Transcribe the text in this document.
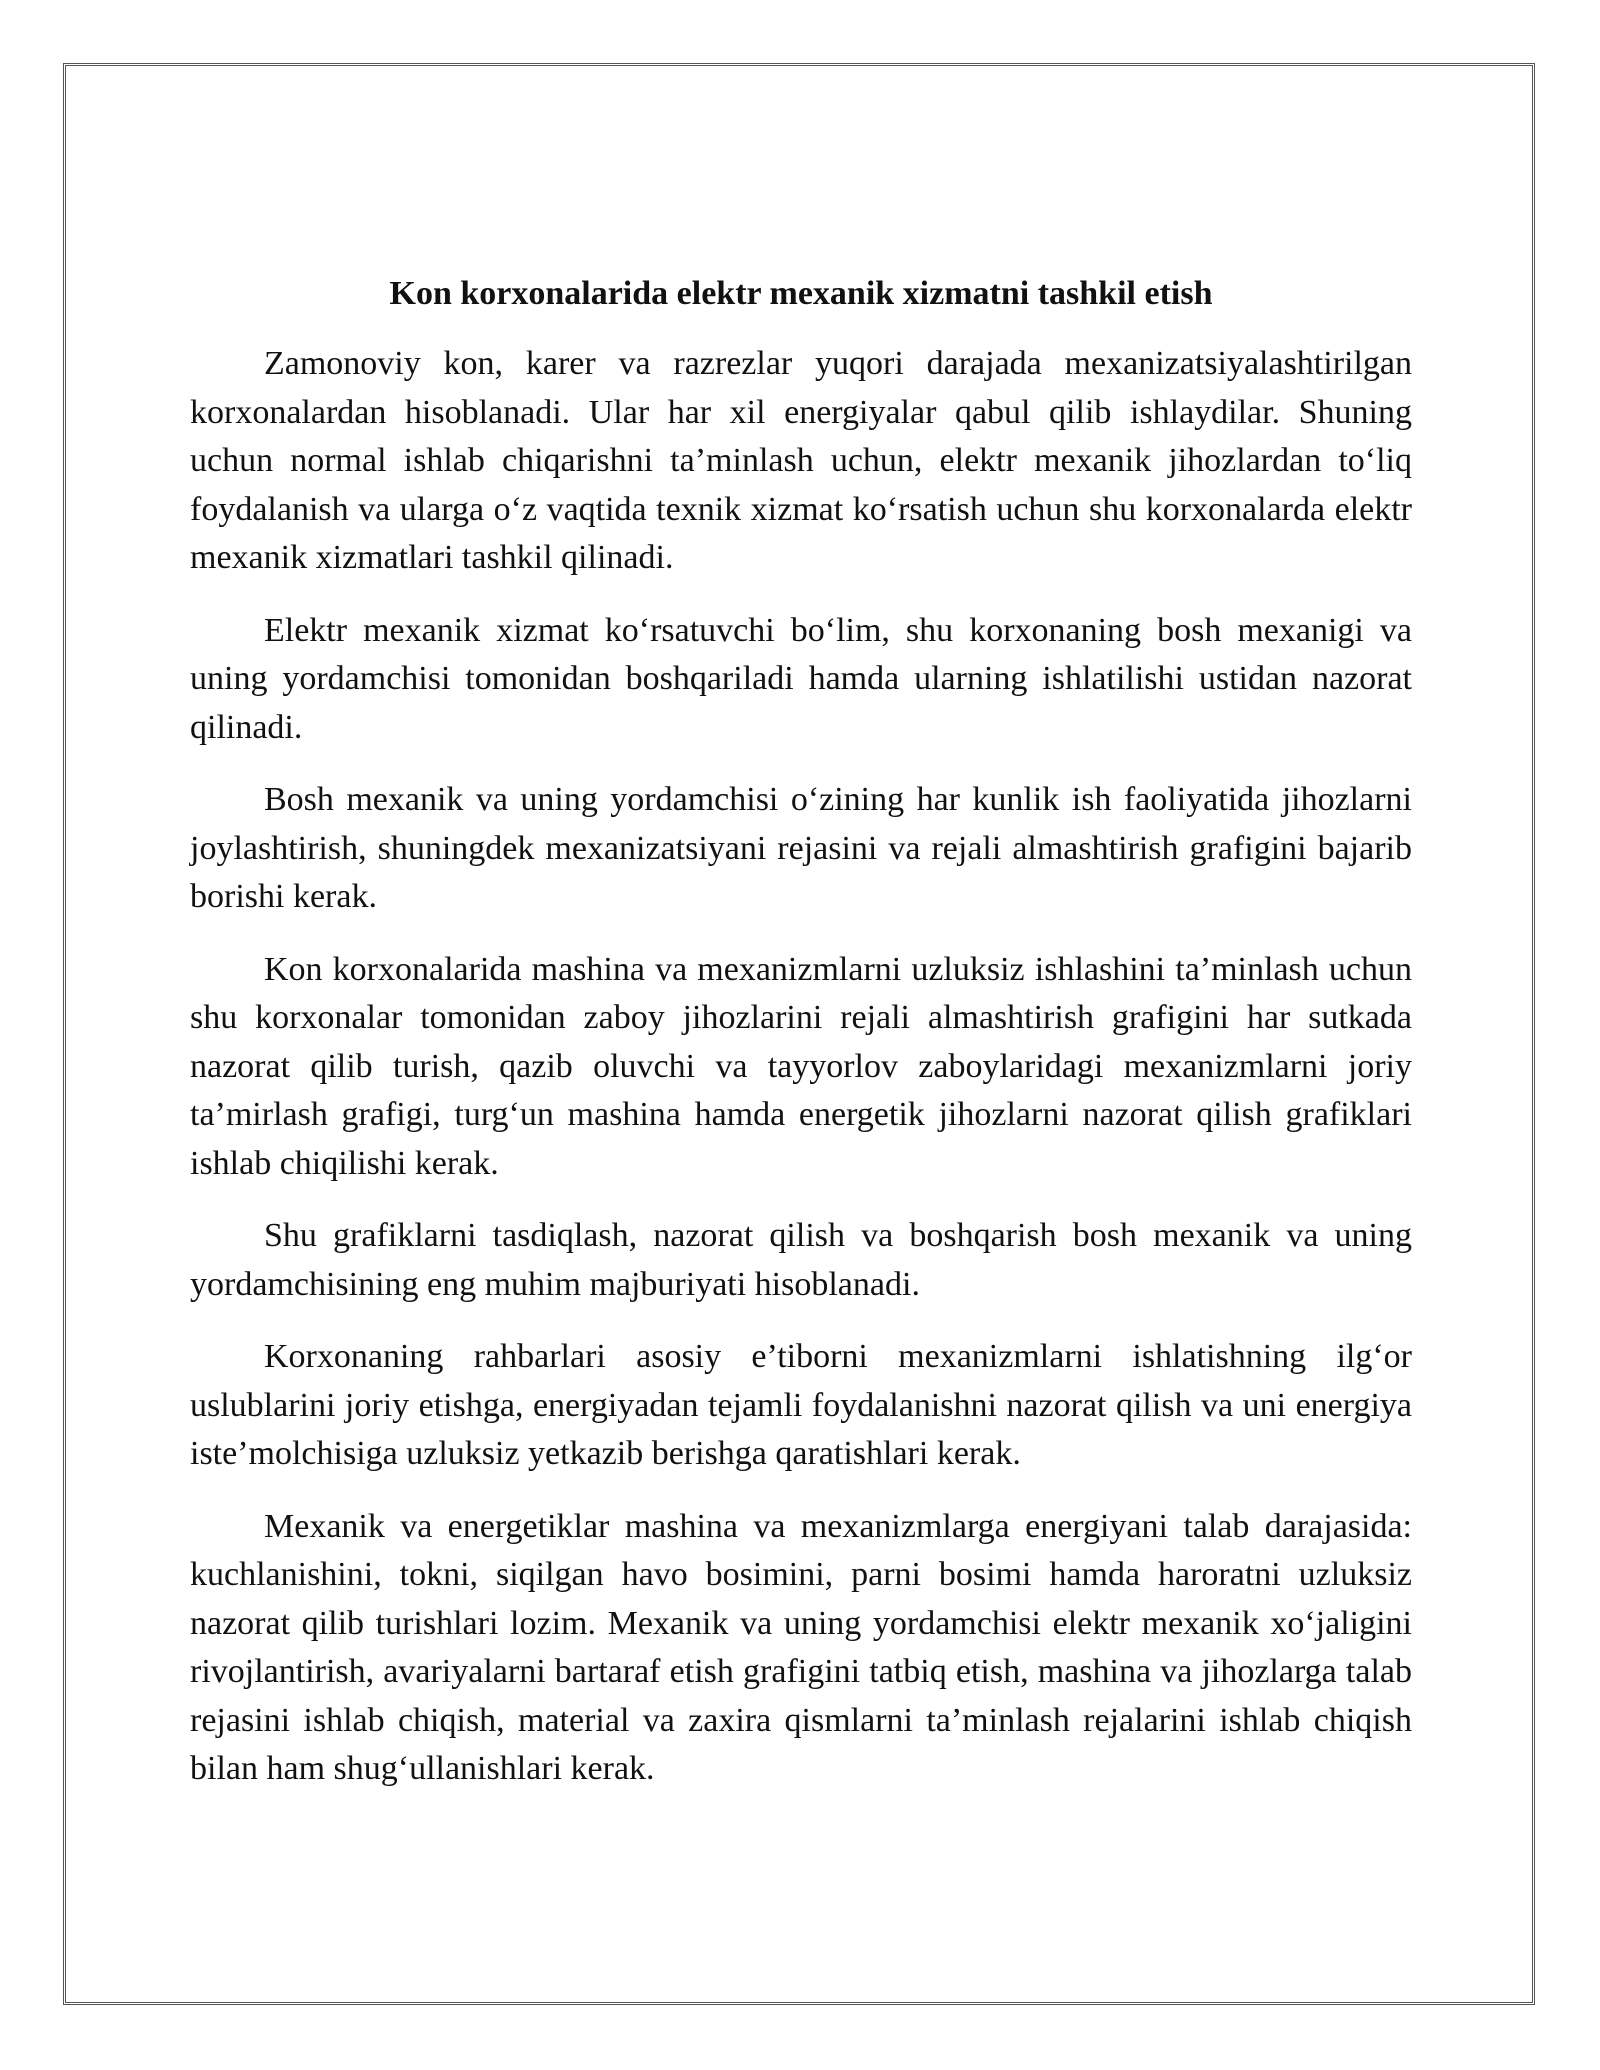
Kon korxonalarida elektr mexanik xizmatni tashkil etish

Zamonoviy kon, karer va razrezlar yuqori darajada mexanizatsiyalashtirilgan korxonalardan hisoblanadi. Ular har xil energiyalar qabul qilib ishlaydilar. Shuning uchun normal ishlab chiqarishni ta’minlash uchun, elektr mexanik jihozlardan to‘liq foydalanish va ularga o‘z vaqtida texnik xizmat ko‘rsatish uchun shu korxonalarda elektr mexanik xizmatlari tashkil qilinadi.

Elektr mexanik xizmat ko‘rsatuvchi bo‘lim, shu korxonaning bosh mexanigi va uning yordamchisi tomonidan boshqariladi hamda ularning ishlatilishi ustidan nazorat qilinadi.

Bosh mexanik va uning yordamchisi o‘zining har kunlik ish faoliyatida jihozlarni joylashtirish, shuningdek mexanizatsiyani rejasini va rejali almashtirish grafigini bajarib borishi kerak.

Kon korxonalarida mashina va mexanizmlarni uzluksiz ishlashini ta’minlash uchun shu korxonalar tomonidan zaboy jihozlarini rejali almashtirish grafigini har sutkada nazorat qilib turish, qazib oluvchi va tayyorlov zaboylaridagi mexanizmlarni joriy ta’mirlash grafigi, turg‘un mashina hamda energetik jihozlarni nazorat qilish grafiklari ishlab chiqilishi kerak.

Shu grafiklarni tasdiqlash, nazorat qilish va boshqarish bosh mexanik va uning yordamchisining eng muhim majburiyati hisoblanadi.

Korxonaning rahbarlari asosiy e’tiborni mexanizmlarni ishlatishning ilg‘or uslublarini joriy etishga, energiyadan tejamli foydalanishni nazorat qilish va uni energiya iste’molchisiga uzluksiz yetkazib berishga qaratishlari kerak.

Mexanik va energetiklar mashina va mexanizmlarga energiyani talab darajasida: kuchlanishini, tokni, siqilgan havo bosimini, parni bosimi hamda haroratni uzluksiz nazorat qilib turishlari lozim. Mexanik va uning yordamchisi elektr mexanik xo‘jaligini rivojlantirish, avariyalarni bartaraf etish grafigini tatbiq etish, mashina va jihozlarga talab rejasini ishlab chiqish, material va zaxira qismlarni ta’minlash rejalarini ishlab chiqish bilan ham shug‘ullanishlari kerak.
